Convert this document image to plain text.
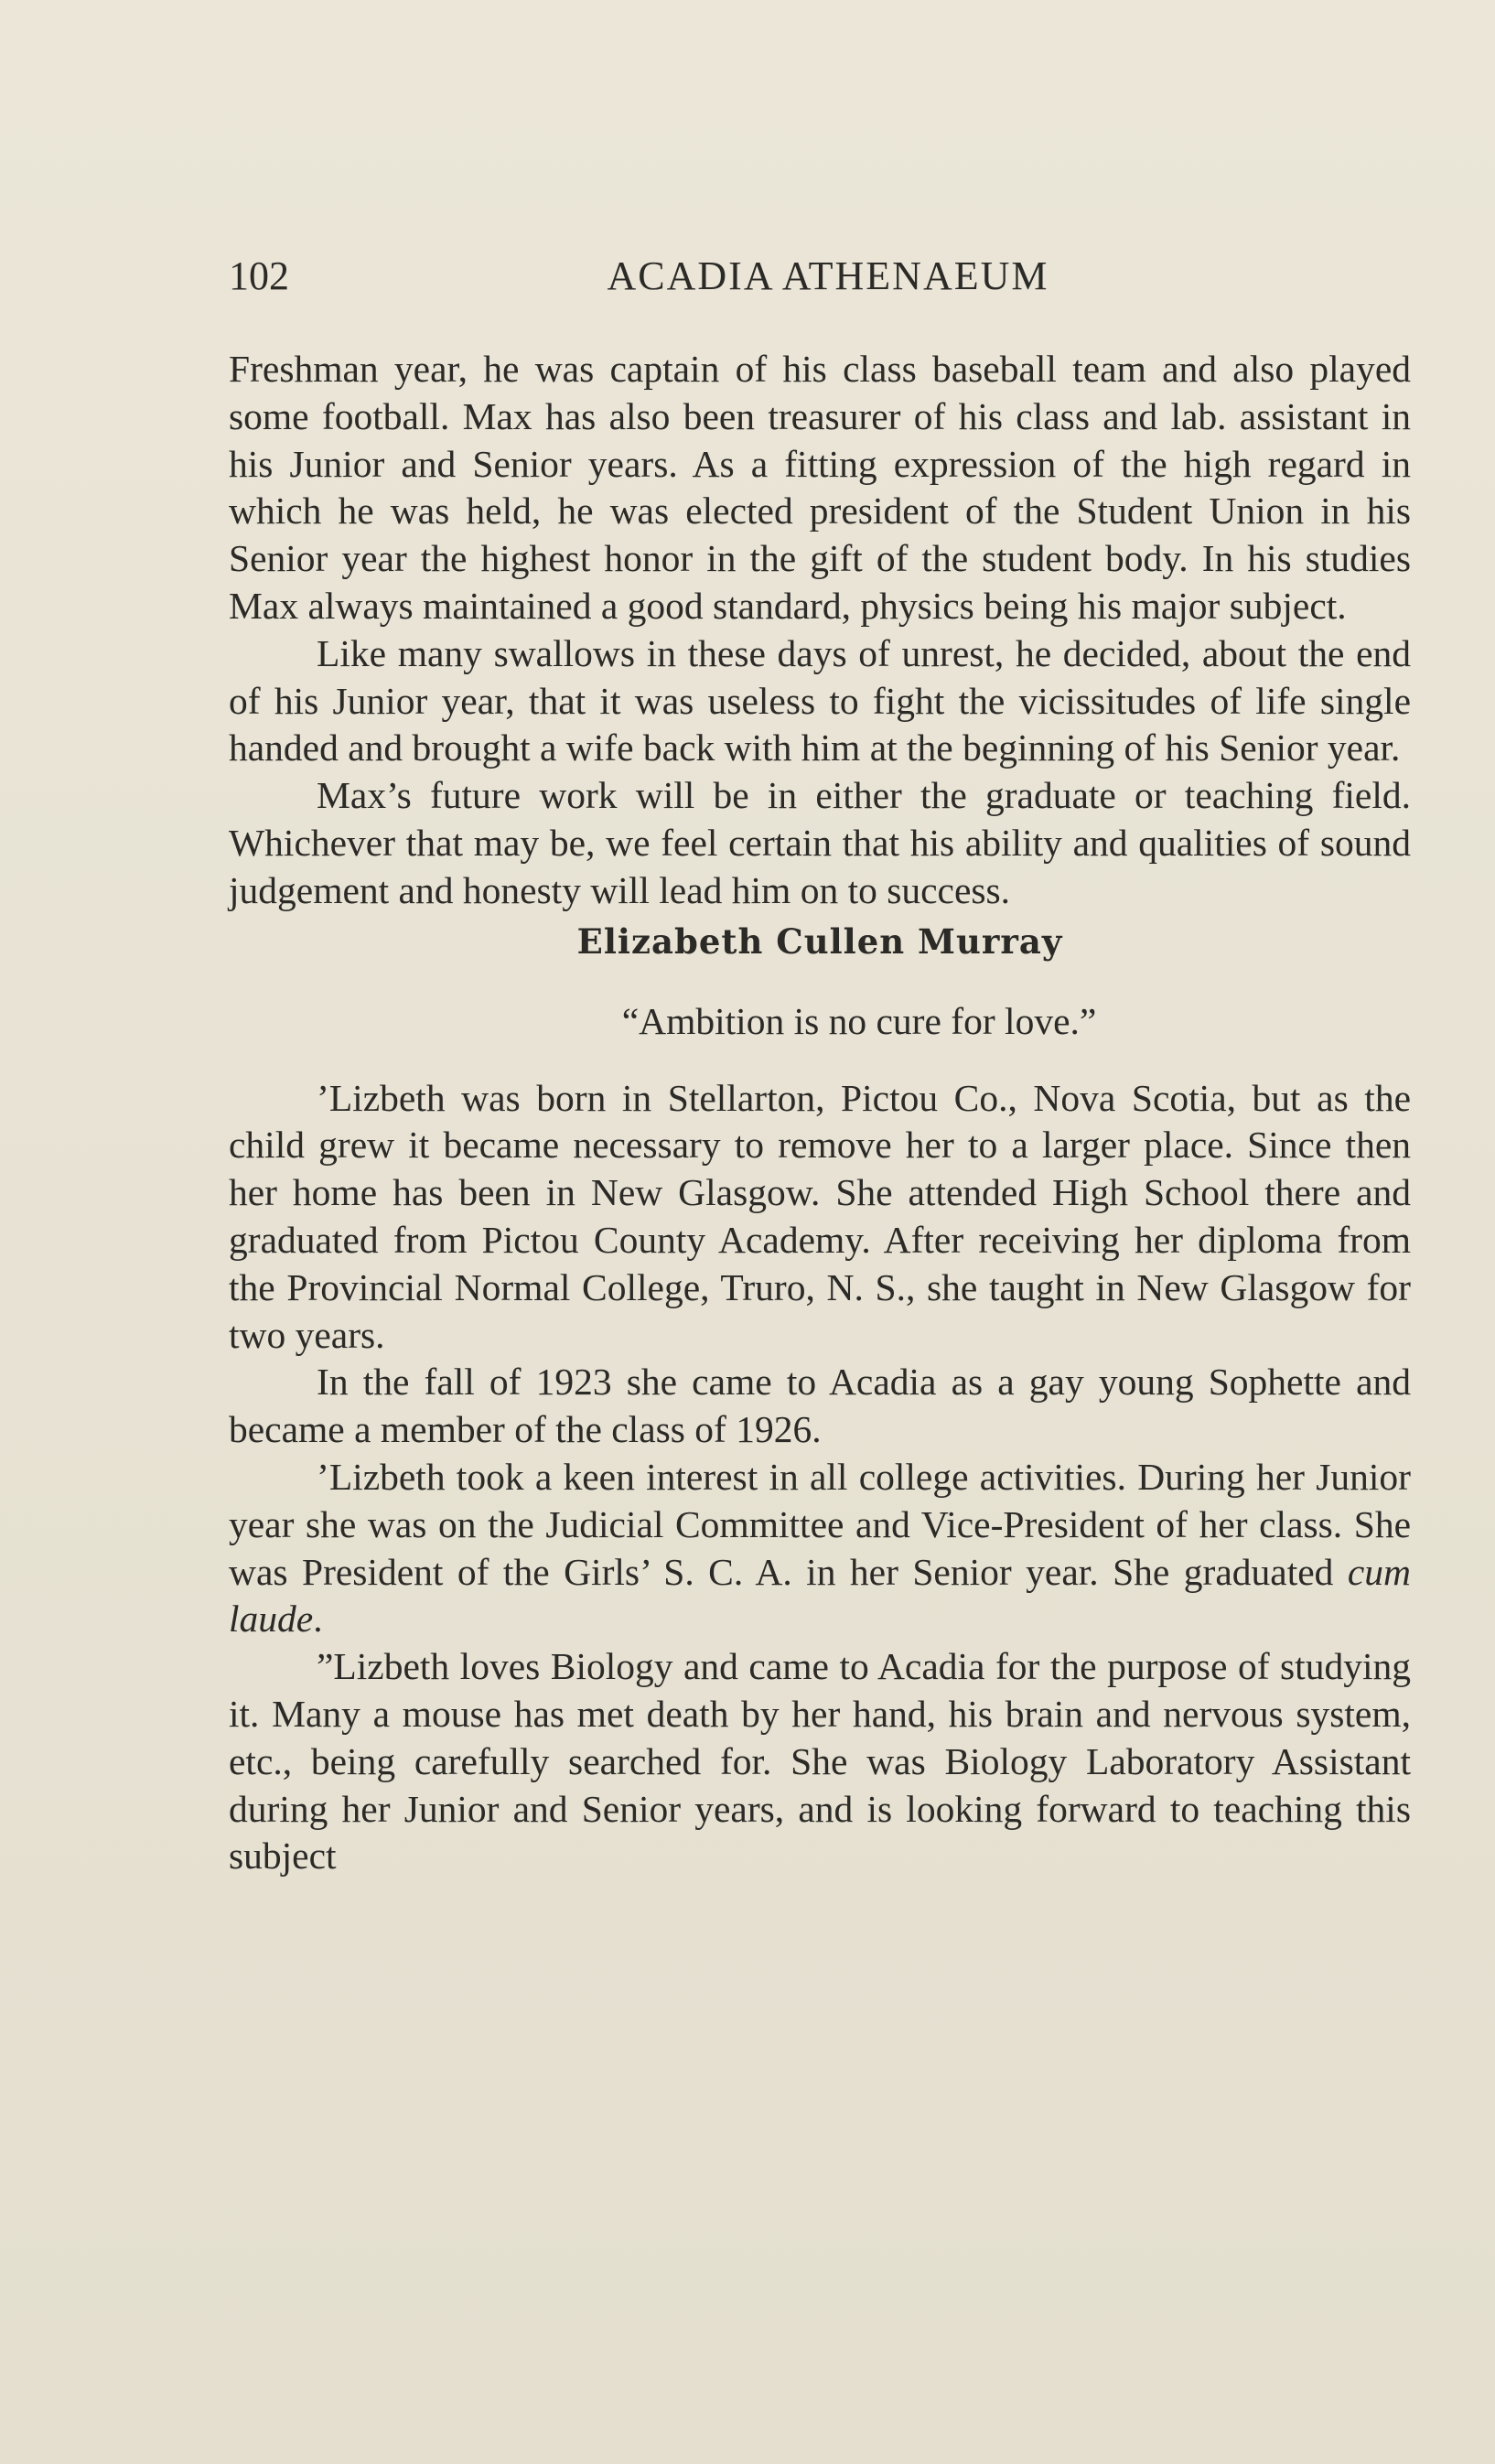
102	ACADIA ATHENAEUM

Freshman year, he was captain of his class baseball team and also played some football. Max has also been treasurer of his class and lab. assistant in his Junior and Senior years. As a fitting expression of the high regard in which he was held, he was elected president of the Student Union in his Senior year the highest honor in the gift of the student body. In his studies Max always maintained a good standard, physics being his major subject.

Like many swallows in these days of unrest, he decided, about the end of his Junior year, that it was useless to fight the vicissitudes of life single handed and brought a wife back with him at the beginning of his Senior year.

Max’s future work will be in either the graduate or teaching field. Whichever that may be, we feel certain that his ability and qualities of sound judgement and honesty will lead him on to success.

Elizabeth Cullen Murray

“Ambition is no cure for love.”

’Lizbeth was born in Stellarton, Pictou Co., Nova Scotia, but as the child grew it became necessary to remove her to a larger place. Since then her home has been in New Glasgow. She attended High School there and graduated from Pictou County Academy. After receiving her diploma from the Provincial Normal College, Truro, N. S., she taught in New Glasgow for two years.

In the fall of 1923 she came to Acadia as a gay young Sophette and became a member of the class of 1926.

’Lizbeth took a keen interest in all college activities. During her Junior year she was on the Judicial Committee and Vice-President of her class. She was President of the Girls’ S. C. A. in her Senior year. She graduated cum laude.

”Lizbeth loves Biology and came to Acadia for the purpose of studying it. Many a mouse has met death by her hand, his brain and nervous system, etc., being carefully searched for. She was Biology Laboratory Assistant during her Junior and Senior years, and is looking forward to teaching this subject
